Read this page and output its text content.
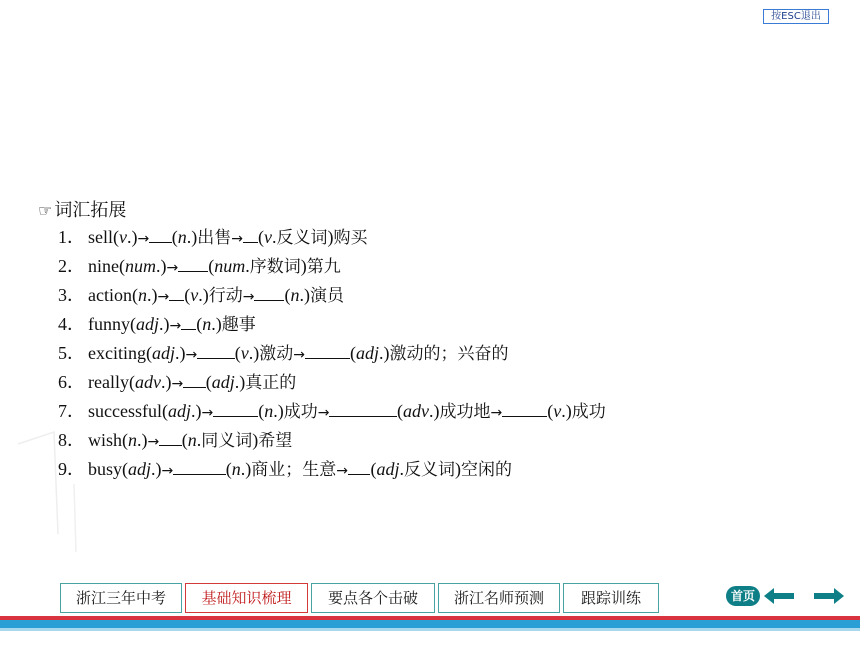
按ESC退出
☞ 词汇拓展
1． sell(v.)→ (n.)出售→ (v.反义词)购买
2． nine(num.)→ (num.序数词)第九
3． action(n.)→ (v.)行动→ (n.)演员
4． funny(adj.)→ (n.)趣事
5． exciting(adj.)→ (v.)激动→	(adj.)激动的；兴奋的
6． really(adv.)→ (adj.)真正的
7． successful(adj.)→	(n.)成功→	(adv.)成功地→	(v.)成功
8． wish(n.)→ (n.同义词)希望
9． busy(adj.)→	(n.)商业；生意→ (adj.反义词)空闲的
浙江三年中考	基础知识梳理	要点各个击破	浙江名师预测	跟踪训练	首页
